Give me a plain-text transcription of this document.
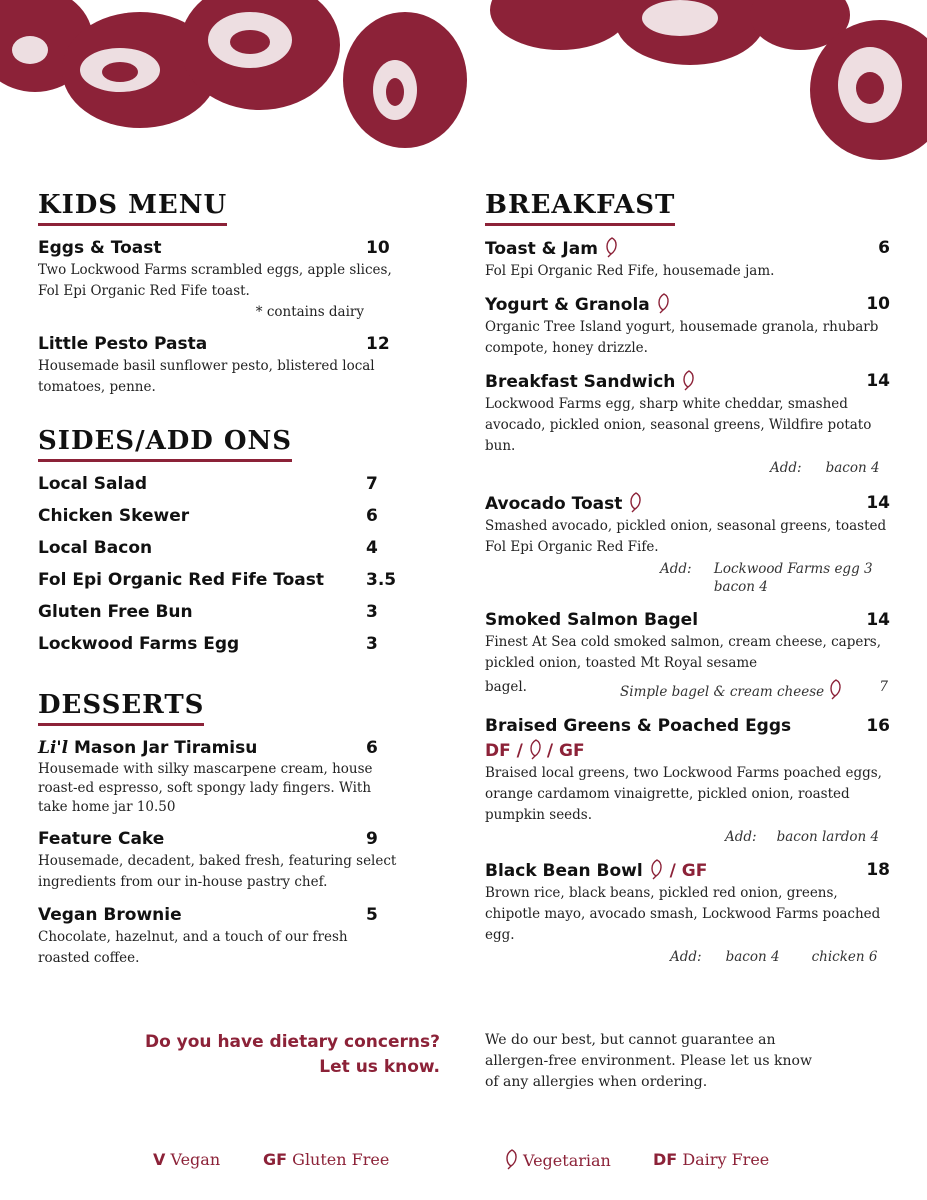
KIDS MENU
Eggs & Toast	10
Two Lockwood Farms scrambled eggs, apple slices, Fol Epi Organic Red Fife toast.
* contains dairy
Little Pesto Pasta	12
Housemade basil sunflower pesto, blistered local tomatoes, penne.
SIDES/ADD ONS
Local Salad	7
Chicken Skewer	6
Local Bacon	4
Fol Epi Organic Red Fife Toast	3.5
Gluten Free Bun	3
Lockwood Farms Egg	3
DESSERTS
Li'l Mason Jar Tiramisu	6
Housemade with silky mascarpene cream, house roast-ed espresso, soft spongy lady fingers. With take home jar 10.50
Feature Cake	9
Housemade, decadent, baked fresh, featuring select ingredients from our in-house pastry chef.
Vegan Brownie	5
Chocolate, hazelnut, and a touch of our fresh roasted coffee.
BREAKFAST
Toast & Jam	6
Fol Epi Organic Red Fife, housemade jam.
Yogurt & Granola	10
Organic Tree Island yogurt, housemade granola, rhubarb compote, honey drizzle.
Breakfast Sandwich	14
Lockwood Farms egg, sharp white cheddar, smashed avocado, pickled onion, seasonal greens, Wildfire potato bun.
Add: bacon 4
Avocado Toast	14
Smashed avocado, pickled onion, seasonal greens, toasted Fol Epi Organic Red Fife.
Add: Lockwood Farms egg 3
bacon 4
Smoked Salmon Bagel	14
Finest At Sea cold smoked salmon, cream cheese, capers, pickled onion, toasted Mt Royal sesame
bagel.	Simple bagel & cream cheese	7
Braised Greens & Poached Eggs	16
DF / / GF
Braised local greens, two Lockwood Farms poached eggs, orange cardamom vinaigrette, pickled onion, roasted pumpkin seeds.
Add: bacon lardon 4
Black Bean Bowl / GF	18
Brown rice, black beans, pickled red onion, greens, chipotle mayo, avocado smash, Lockwood Farms poached egg.
Add: bacon 4 chicken 6
Do you have dietary concerns?
Let us know.
We do our best, but cannot guarantee an allergen-free environment. Please let us know of any allergies when ordering.
V Vegan	GF Gluten Free	Vegetarian	DF Dairy Free
